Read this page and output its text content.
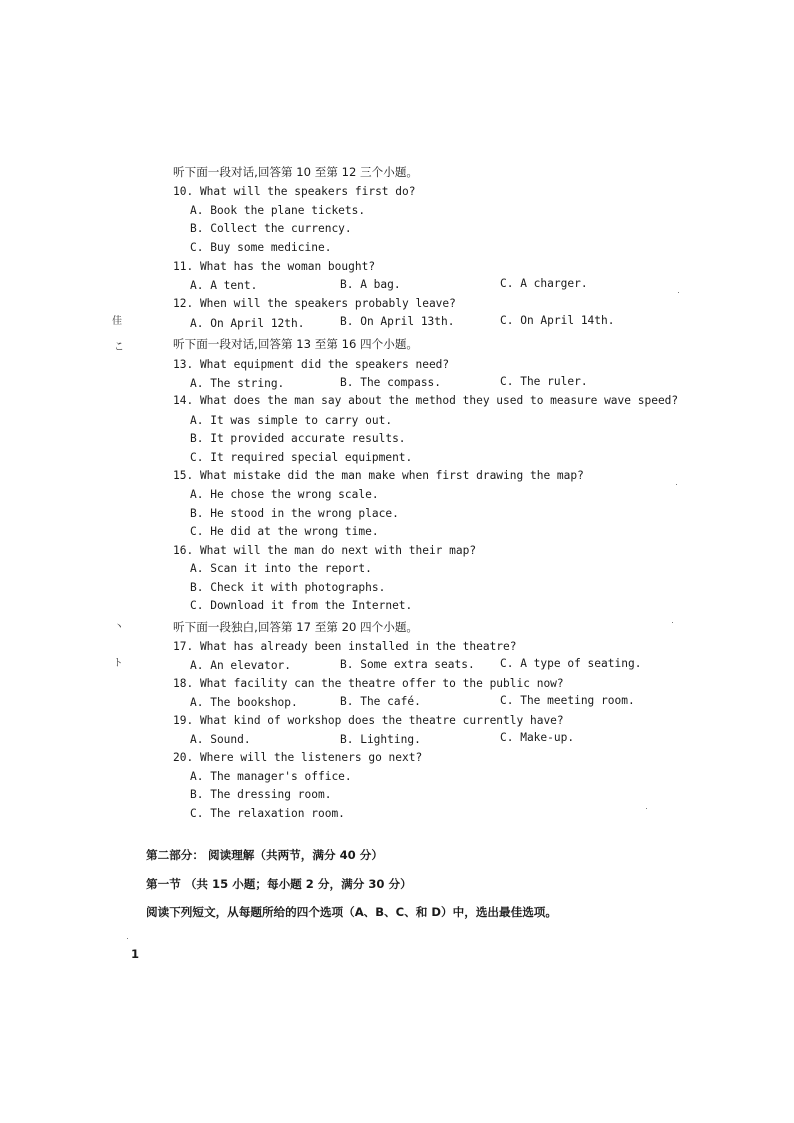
佳
こ
丶
ト
听下面一段对话,回答第 10 至第 12 三个小题。
10. What will the speakers first do?
A. Book the plane tickets.
B. Collect the currency.
C. Buy some medicine.
11. What has the woman bought?
A. A tent.	B. A bag.	C. A charger.
12. When will the speakers probably leave?
A. On April 12th.	B. On April 13th.	C. On April 14th.
听下面一段对话,回答第 13 至第 16 四个小题。
13. What equipment did the speakers need?
A. The string.	B. The compass.	C. The ruler.
14. What does the man say about the method they used to measure wave speed?
A. It was simple to carry out.
B. It provided accurate results.
C. It required special equipment.
15. What mistake did the man make when first drawing the map?
A. He chose the wrong scale.
B. He stood in the wrong place.
C. He did at the wrong time.
16. What will the man do next with their map?
A. Scan it into the report.
B. Check it with photographs.
C. Download it from the Internet.
听下面一段独白,回答第 17 至第 20 四个小题。
17. What has already been installed in the theatre?
A. An elevator.	B. Some extra seats. C. A type of seating.
18. What facility can the theatre offer to the public now?
A. The bookshop.	B. The café.	C. The meeting room.
19. What kind of workshop does the theatre currently have?
A. Sound.	B. Lighting.	C. Make-up.
20. Where will the listeners go next?
A. The manager's office.
B. The dressing room.
C. The relaxation room.
第二部分： 阅读理解（共两节，满分 40 分）
第一节 （共 15 小题；每小题 2 分，满分 30 分）
阅读下列短文，从每题所给的四个选项（A、B、C、和 D）中，选出最佳选项。
1
